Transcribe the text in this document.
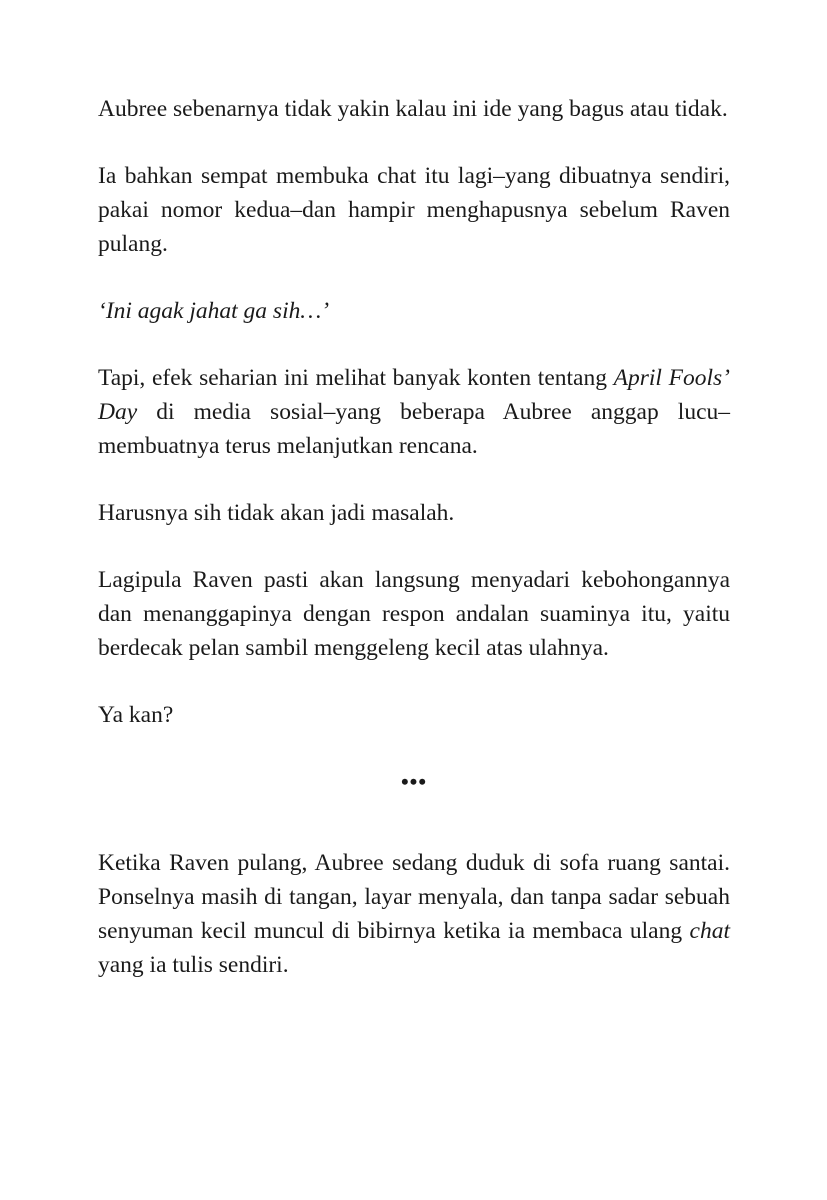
Aubree sebenarnya tidak yakin kalau ini ide yang bagus atau tidak.

Ia bahkan sempat membuka chat itu lagi–yang dibuatnya sendiri, pakai nomor kedua–dan hampir menghapusnya sebelum Raven pulang.

‘Ini agak jahat ga sih…’

Tapi, efek seharian ini melihat banyak konten tentang April Fools’ Day di media sosial–yang beberapa Aubree anggap lucu–membuatnya terus melanjutkan rencana.

Harusnya sih tidak akan jadi masalah.

Lagipula Raven pasti akan langsung menyadari kebohongannya dan menanggapinya dengan respon andalan suaminya itu, yaitu berdecak pelan sambil menggeleng kecil atas ulahnya.

Ya kan?

•••

Ketika Raven pulang, Aubree sedang duduk di sofa ruang santai. Ponselnya masih di tangan, layar menyala, dan tanpa sadar sebuah senyuman kecil muncul di bibirnya ketika ia membaca ulang chat yang ia tulis sendiri.
